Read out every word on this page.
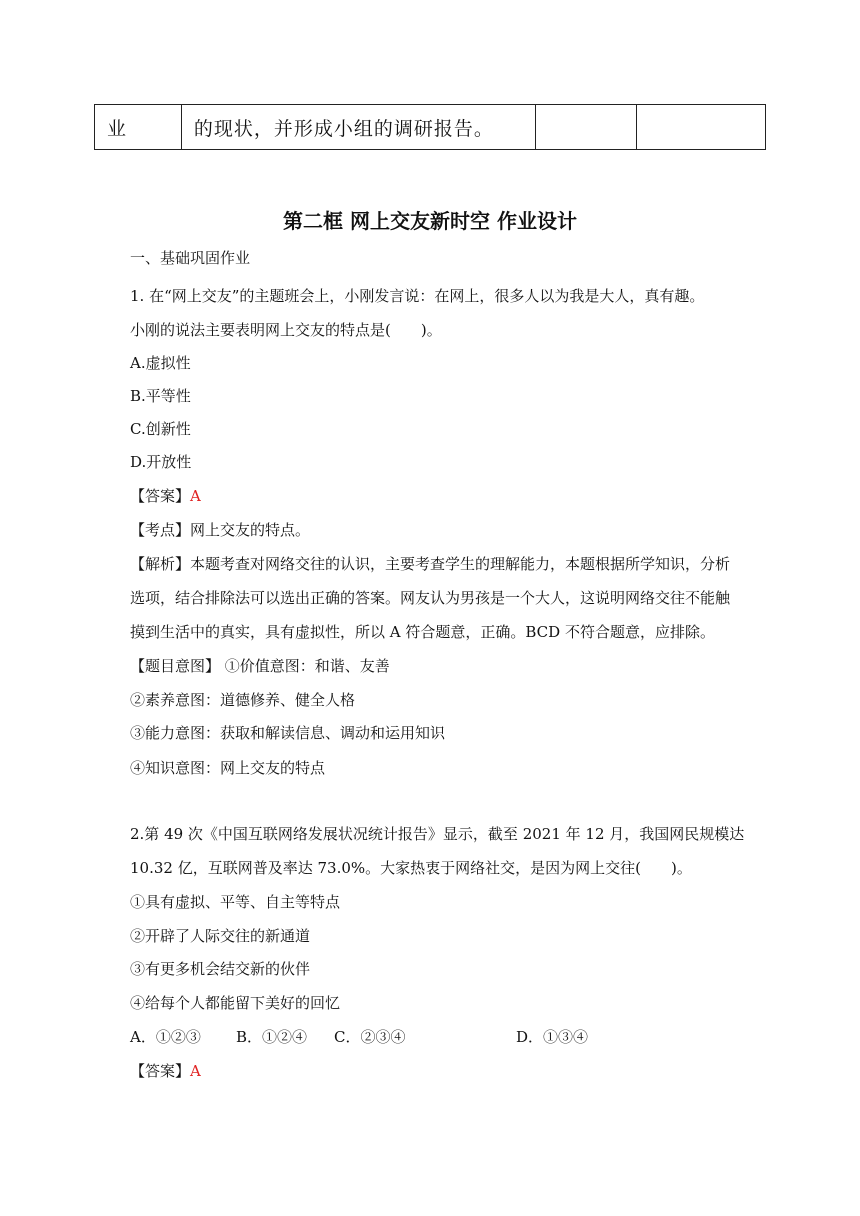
业	的现状，并形成小组的调研报告。		
第二框 网上交友新时空 作业设计
一、基础巩固作业
1. 在“网上交友”的主题班会上，小刚发言说：在网上，很多人以为我是大人，真有趣。
小刚的说法主要表明网上交友的特点是(　　)。
A.虚拟性
B.平等性
C.创新性
D.开放性
【答案】A
【考点】网上交友的特点。
【解析】本题考查对网络交往的认识，主要考查学生的理解能力，本题根据所学知识，分析
选项，结合排除法可以选出正确的答案。网友认为男孩是一个大人，这说明网络交往不能触
摸到生活中的真实，具有虚拟性，所以 A 符合题意，正确。BCD 不符合题意，应排除。
【题目意图】 ①价值意图：和谐、友善
②素养意图：道德修养、健全人格
③能力意图：获取和解读信息、调动和运用知识
④知识意图：网上交友的特点
2.第 49 次《中国互联网络发展状况统计报告》显示，截至 2021 年 12 月，我国网民规模达
10.32 亿，互联网普及率达 73.0%。大家热衷于网络社交，是因为网上交往(　　)。
①具有虚拟、平等、自主等特点
②开辟了人际交往的新通道
③有更多机会结交新的伙伴
④给每个人都能留下美好的回忆
A．①②③ B．①②④ C．②③④	D．①③④
【答案】A
